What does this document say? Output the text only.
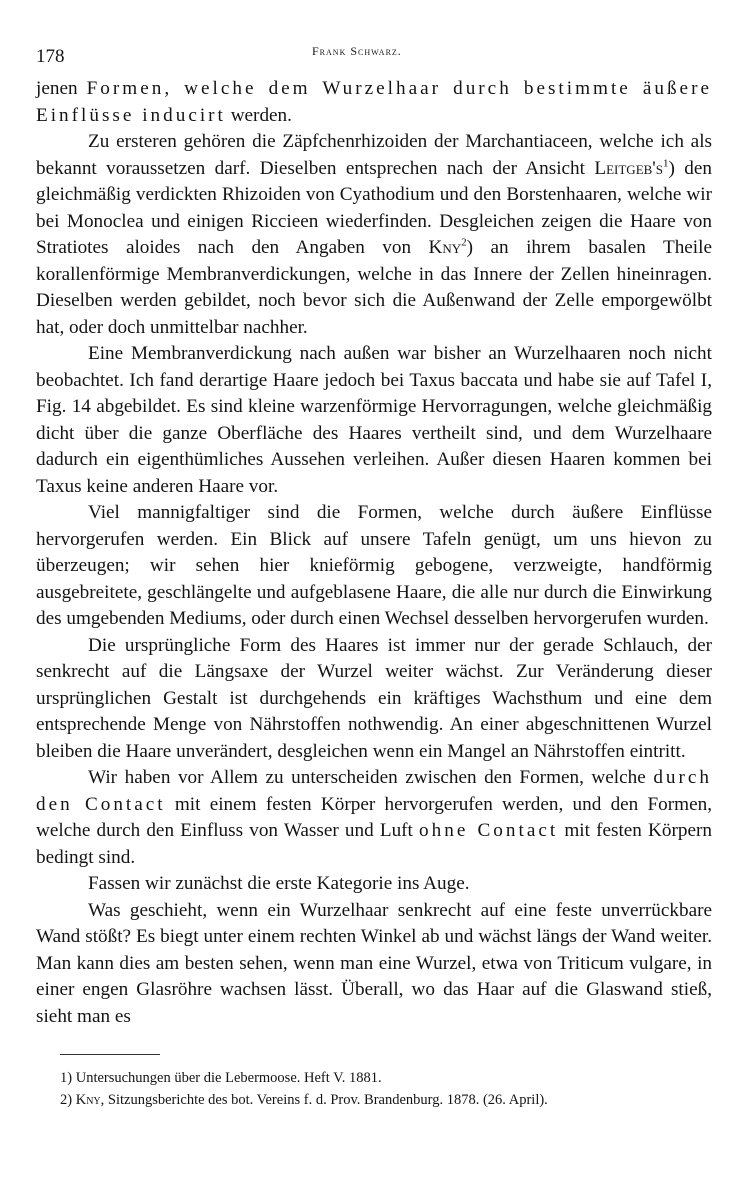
178	Frank Schwarz.

jenen Formen, welche dem Wurzelhaar durch bestimmte äußere Einflüsse inducirt werden.

Zu ersteren gehören die Zäpfchenrhizoiden der Marchantiaceen, welche ich als bekannt voraussetzen darf. Dieselben entsprechen nach der Ansicht $Leitgeb's^1$) den gleichmäßig verdickten Rhizoiden von Cyathodium und den Borstenhaaren, welche wir bei Monoclea und einigen Riccieen wiederfinden. Desgleichen zeigen die Haare von Stratiotes aloides nach den Angaben von Kny$^2$) an ihrem basalen Theile korallenförmige Membranverdickungen, welche in das Innere der Zellen hineinragen. Dieselben werden gebildet, noch bevor sich die Außenwand der Zelle emporgewölbt hat, oder doch unmittelbar nachher.

Eine Membranverdickung nach außen war bisher an Wurzelhaaren noch nicht beobachtet. Ich fand derartige Haare jedoch bei Taxus baccata und habe sie auf Tafel I, Fig. 14 abgebildet. Es sind kleine warzenförmige Hervorragungen, welche gleichmäßig dicht über die ganze Oberfläche des Haares vertheilt sind, und dem Wurzelhaare dadurch ein eigenthümliches Aussehen verleihen. Außer diesen Haaren kommen bei Taxus keine anderen Haare vor.

Viel mannigfaltiger sind die Formen, welche durch äußere Einflüsse hervorgerufen werden. Ein Blick auf unsere Tafeln genügt, um uns hievon zu überzeugen; wir sehen hier knieförmig gebogene, verzweigte, handförmig ausgebreitete, geschlängelte und aufgeblasene Haare, die alle nur durch die Einwirkung des umgebenden Mediums, oder durch einen Wechsel desselben hervorgerufen wurden.

Die ursprüngliche Form des Haares ist immer nur der gerade Schlauch, der senkrecht auf die Längsaxe der Wurzel weiter wächst. Zur Veränderung dieser ursprünglichen Gestalt ist durchgehends ein kräftiges Wachsthum und eine dem entsprechende Menge von Nährstoffen nothwendig. An einer abgeschnittenen Wurzel bleiben die Haare unverändert, desgleichen wenn ein Mangel an Nährstoffen eintritt.

Wir haben vor Allem zu unterscheiden zwischen den Formen, welche durch den Contact mit einem festen Körper hervorgerufen werden, und den Formen, welche durch den Einfluss von Wasser und Luft ohne Contact mit festen Körpern bedingt sind.

Fassen wir zunächst die erste Kategorie ins Auge.

Was geschieht, wenn ein Wurzelhaar senkrecht auf eine feste unverrückbare Wand stößt? Es biegt unter einem rechten Winkel ab und wächst längs der Wand weiter. Man kann dies am besten sehen, wenn man eine Wurzel, etwa von Triticum vulgare, in einer engen Glasröhre wachsen lässt. Überall, wo das Haar auf die Glaswand stieß, sieht man es

1) Untersuchungen über die Lebermoose. Heft V. 1881.
2) Kny, Sitzungsberichte des bot. Vereins f. d. Prov. Brandenburg. 1878. (26. April).
